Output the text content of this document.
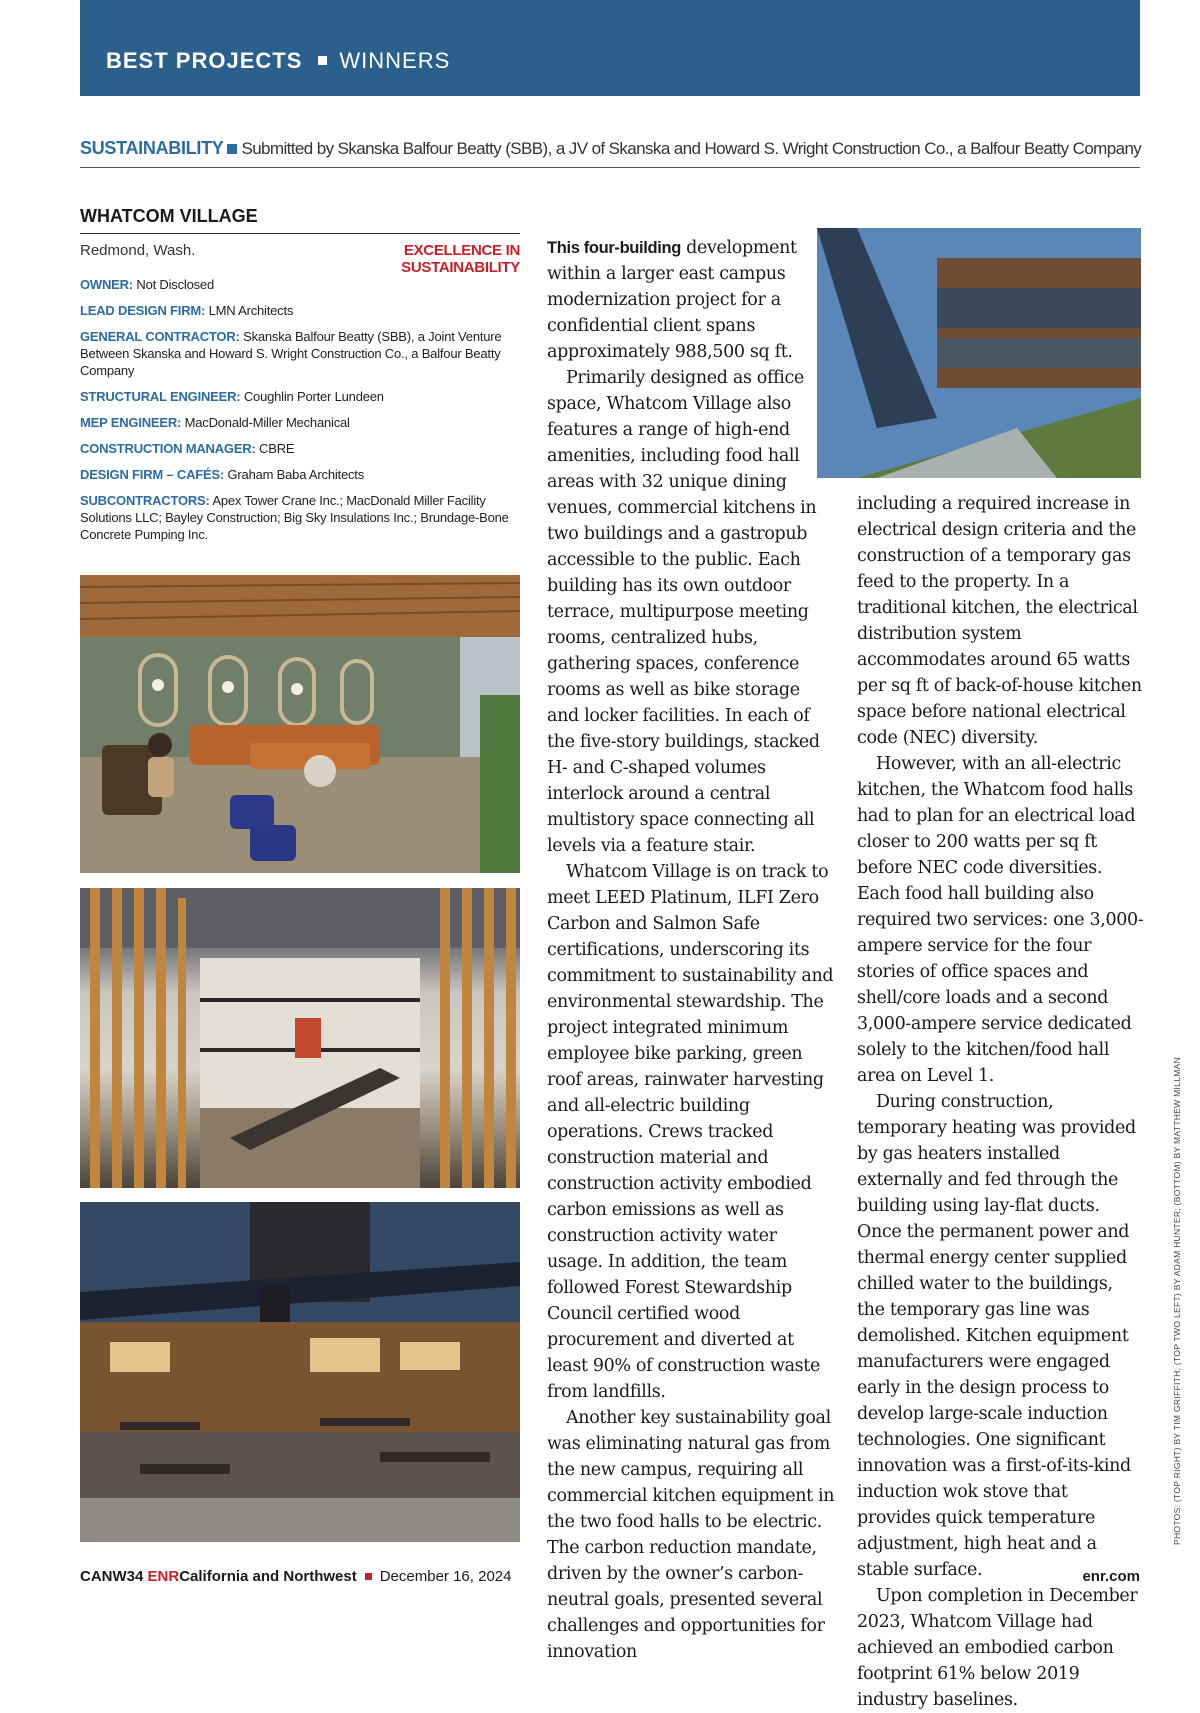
BEST PROJECTS WINNERS
SUSTAINABILITY Submitted by Skanska Balfour Beatty (SBB), a JV of Skanska and Howard S. Wright Construction Co., a Balfour Beatty Company
WHATCOM VILLAGE
Redmond, Wash.	EXCELLENCE IN SUSTAINABILITY
OWNER: Not Disclosed
LEAD DESIGN FIRM: LMN Architects
GENERAL CONTRACTOR: Skanska Balfour Beatty (SBB), a Joint Venture Between Skanska and Howard S. Wright Construction Co., a Balfour Beatty Company
STRUCTURAL ENGINEER: Coughlin Porter Lundeen
MEP ENGINEER: MacDonald-Miller Mechanical
CONSTRUCTION MANAGER: CBRE
DESIGN FIRM – CAFÉS: Graham Baba Architects
SUBCONTRACTORS: Apex Tower Crane Inc.; MacDonald Miller Facility Solutions LLC; Bayley Construction; Big Sky Insulations Inc.; Brundage-Bone Concrete Pumping Inc.

This four-building development within a larger east campus modernization project for a confidential client spans approximately 988,500 sq ft.

Primarily designed as office space, Whatcom Village also features a range of high-end amenities, including food hall areas with 32 unique dining venues, commercial kitchens in two buildings and a gastropub accessible to the public. Each building has its own outdoor terrace, multipurpose meeting rooms, centralized hubs, gathering spaces, conference rooms as well as bike storage and locker facilities. In each of the five-story buildings, stacked H- and C-shaped volumes interlock around a central multistory space connecting all levels via a feature stair.

Whatcom Village is on track to meet LEED Platinum, ILFI Zero Carbon and Salmon Safe certifications, underscoring its commitment to sustainability and environmental stewardship. The project integrated minimum employee bike parking, green roof areas, rainwater harvesting and all-electric building operations. Crews tracked construction material and construction activity embodied carbon emissions as well as construction activity water usage. In addition, the team followed Forest Stewardship Council certified wood procurement and diverted at least 90% of construction waste from landfills.

Another key sustainability goal was eliminating natural gas from the new campus, requiring all commercial kitchen equipment in the two food halls to be electric. The carbon reduction mandate, driven by the owner’s carbon-neutral goals, presented several challenges and opportunities for innovation

including a required increase in electrical design criteria and the construction of a temporary gas feed to the property. In a traditional kitchen, the electrical distribution system accommodates around 65 watts per sq ft of back-of-house kitchen space before national electrical code (NEC) diversity.

However, with an all-electric kitchen, the Whatcom food halls had to plan for an electrical load closer to 200 watts per sq ft before NEC code diversities. Each food hall building also required two services: one 3,000-ampere service for the four stories of office spaces and shell/core loads and a second 3,000-ampere service dedicated solely to the kitchen/food hall area on Level 1.

During construction, temporary heating was provided by gas heaters installed externally and fed through the building using lay-flat ducts. Once the permanent power and thermal energy center supplied chilled water to the buildings, the temporary gas line was demolished. Kitchen equipment manufacturers were engaged early in the design process to develop large-scale induction technologies. One significant innovation was a first-of-its-kind induction wok stove that provides quick temperature adjustment, high heat and a stable surface.

Upon completion in December 2023, Whatcom Village had achieved an embodied carbon footprint 61% below 2019 industry baselines.

PHOTOS: (TOP RIGHT) BY TIM GRIFFITH; (TOP TWO LEFT) BY ADAM HUNTER; (BOTTOM) BY MATTHEW MILLMAN
CANW34 ENRCalifornia and Northwest December 16, 2024	enr.com
